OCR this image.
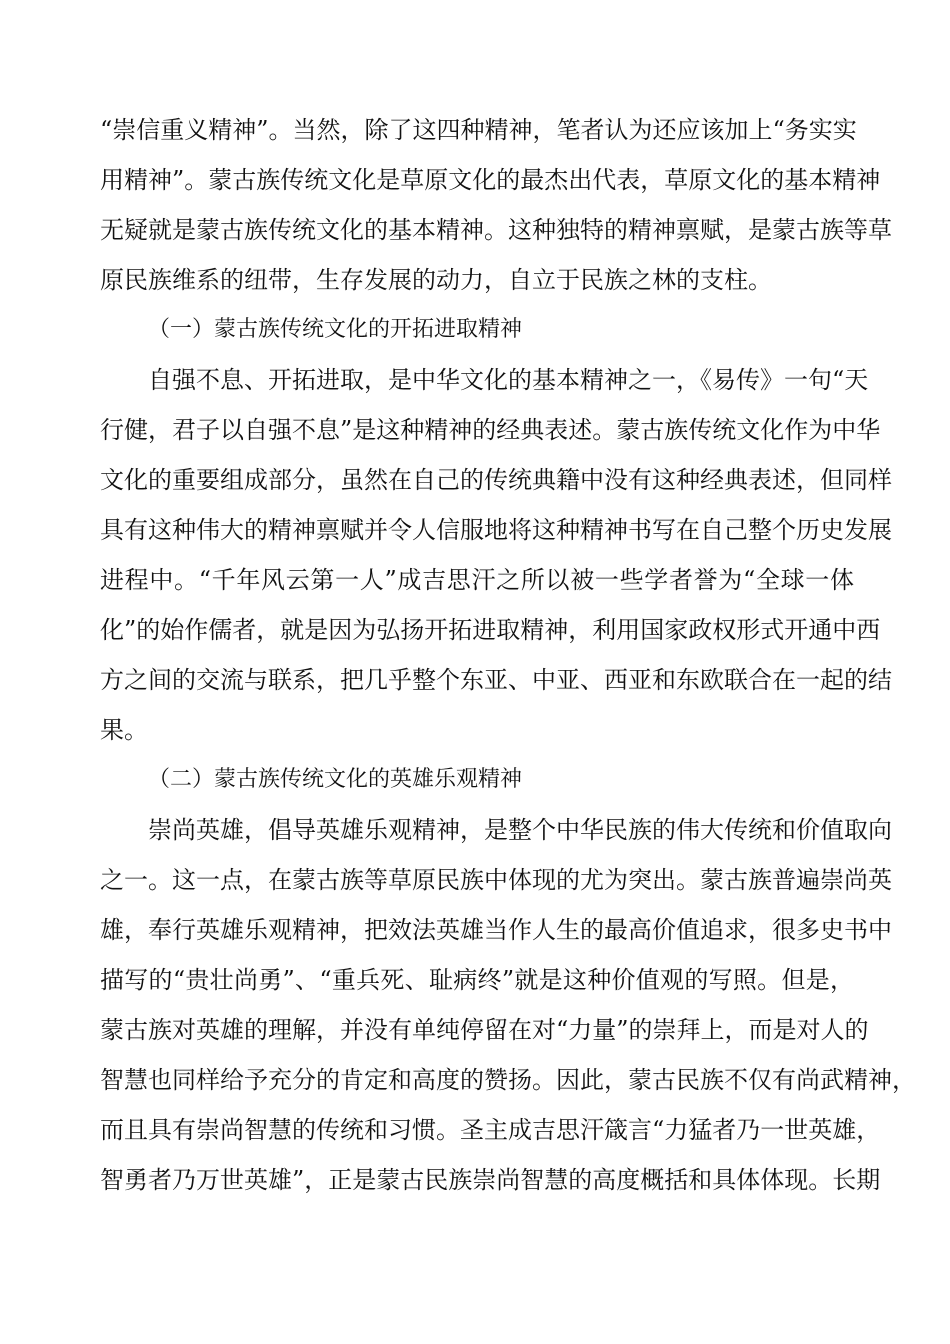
“崇信重义精神”。当然，除了这四种精神，笔者认为还应该加上“务实实
用精神”。蒙古族传统文化是草原文化的最杰出代表，草原文化的基本精神
无疑就是蒙古族传统文化的基本精神。这种独特的精神禀赋，是蒙古族等草
原民族维系的纽带，生存发展的动力，自立于民族之林的支柱。
（一）蒙古族传统文化的开拓进取精神
自强不息、开拓进取，是中华文化的基本精神之一，《易传》一句“天
行健，君子以自强不息”是这种精神的经典表述。蒙古族传统文化作为中华
文化的重要组成部分，虽然在自己的传统典籍中没有这种经典表述，但同样
具有这种伟大的精神禀赋并令人信服地将这种精神书写在自己整个历史发展
进程中。“千年风云第一人”成吉思汗之所以被一些学者誉为“全球一体
化”的始作儒者，就是因为弘扬开拓进取精神，利用国家政权形式开通中西
方之间的交流与联系，把几乎整个东亚、中亚、西亚和东欧联合在一起的结
果。
（二）蒙古族传统文化的英雄乐观精神
崇尚英雄，倡导英雄乐观精神，是整个中华民族的伟大传统和价值取向
之一。这一点，在蒙古族等草原民族中体现的尤为突出。蒙古族普遍崇尚英
雄，奉行英雄乐观精神，把效法英雄当作人生的最高价值追求，很多史书中
描写的“贵壮尚勇”、“重兵死、耻病终”就是这种价值观的写照。但是，
蒙古族对英雄的理解，并没有单纯停留在对“力量”的崇拜上，而是对人的
智慧也同样给予充分的肯定和高度的赞扬。因此，蒙古民族不仅有尚武精神，
而且具有崇尚智慧的传统和习惯。圣主成吉思汗箴言“力猛者乃一世英雄，
智勇者乃万世英雄”，正是蒙古民族崇尚智慧的高度概括和具体体现。长期
